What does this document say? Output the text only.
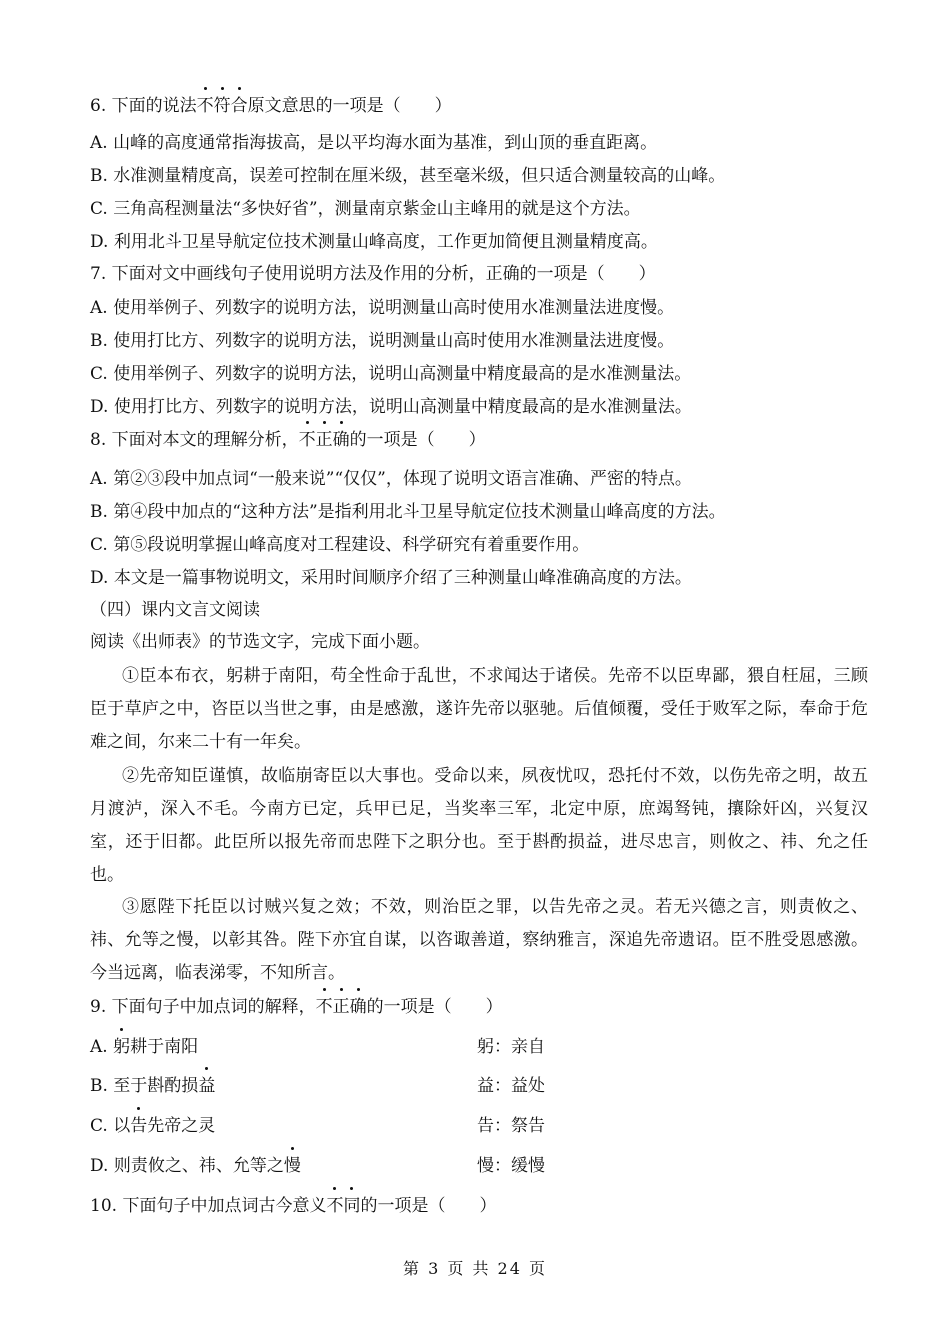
6. 下面的说法不符合原文意思的一项是（　　）
A. 山峰的高度通常指海拔高，是以平均海水面为基准，到山顶的垂直距离。
B. 水准测量精度高，误差可控制在厘米级，甚至毫米级，但只适合测量较高的山峰。
C. 三角高程测量法“多快好省”，测量南京紫金山主峰用的就是这个方法。
D. 利用北斗卫星导航定位技术测量山峰高度，工作更加简便且测量精度高。
7. 下面对文中画线句子使用说明方法及作用的分析，正确的一项是（　　）
A. 使用举例子、列数字的说明方法，说明测量山高时使用水准测量法进度慢。
B. 使用打比方、列数字的说明方法，说明测量山高时使用水准测量法进度慢。
C. 使用举例子、列数字的说明方法，说明山高测量中精度最高的是水准测量法。
D. 使用打比方、列数字的说明方法，说明山高测量中精度最高的是水准测量法。
8. 下面对本文的理解分析，不正确的一项是（　　）
A. 第②③段中加点词“一般来说”“仅仅”，体现了说明文语言准确、严密的特点。
B. 第④段中加点的“这种方法”是指利用北斗卫星导航定位技术测量山峰高度的方法。
C. 第⑤段说明掌握山峰高度对工程建设、科学研究有着重要作用。
D. 本文是一篇事物说明文，采用时间顺序介绍了三种测量山峰准确高度的方法。
（四）课内文言文阅读
阅读《出师表》的节选文字，完成下面小题。
①臣本布衣，躬耕于南阳，苟全性命于乱世，不求闻达于诸侯。先帝不以臣卑鄙，猥自枉屈，三顾臣于草庐之中，咨臣以当世之事，由是感激，遂许先帝以驱驰。后值倾覆，受任于败军之际，奉命于危难之间，尔来二十有一年矣。
②先帝知臣谨慎，故临崩寄臣以大事也。受命以来，夙夜忧叹，恐托付不效，以伤先帝之明，故五月渡泸，深入不毛。今南方已定，兵甲已足，当奖率三军，北定中原，庶竭驽钝，攘除奸凶，兴复汉室，还于旧都。此臣所以报先帝而忠陛下之职分也。至于斟酌损益，进尽忠言，则攸之、祎、允之任也。
③愿陛下托臣以讨贼兴复之效；不效，则治臣之罪，以告先帝之灵。若无兴德之言，则责攸之、祎、允等之慢，以彰其咎。陛下亦宜自谋，以咨诹善道，察纳雅言，深追先帝遗诏。臣不胜受恩感激。今当远离，临表涕零，不知所言。
9. 下面句子中加点词的解释，不正确的一项是（　　）
A. 躬耕于南阳	躬：亲自
B. 至于斟酌损益	益：益处
C. 以告先帝之灵	告：祭告
D. 则责攸之、祎、允等之慢	慢：缓慢
10. 下面句子中加点词古今意义不同的一项是（　　）
第 3 页 共 24 页
